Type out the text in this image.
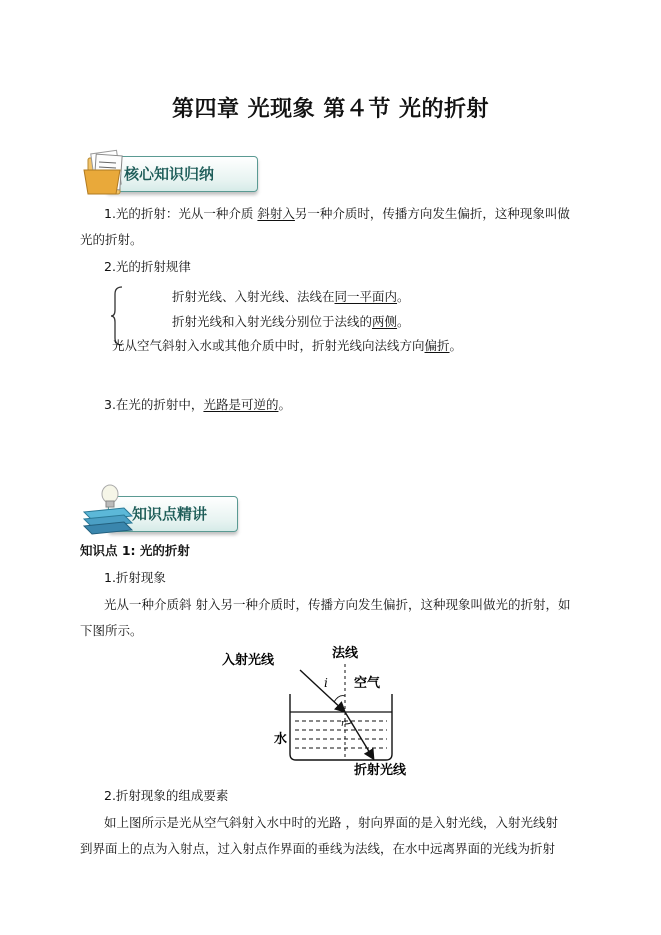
第四章 光现象 第４节 光的折射
核心知识归纳
1.光的折射：光从一种介质 斜射入另一种介质时，传播方向发生偏折，这种现象叫做
光的折射。
2.光的折射规律
折射光线、入射光线、法线在同一平面内。
折射光线和入射光线分别位于法线的两侧。
光从空气斜射入水或其他介质中时，折射光线向法线方向偏折。
3.在光的折射中，光路是可逆的。
知识点精讲
知识点 1: 光的折射
1.折射现象
光从一种介质斜 射入另一种介质时，传播方向发生偏折，这种现象叫做光的折射，如
下图所示。
入射光线	法线
空气
水
折射光线
i
r
2.折射现象的组成要素
如上图所示是光从空气斜射入水中时的光路 ，射向界面的是入射光线，入射光线射
到界面上的点为入射点，过入射点作界面的垂线为法线，在水中远离界面的光线为折射
